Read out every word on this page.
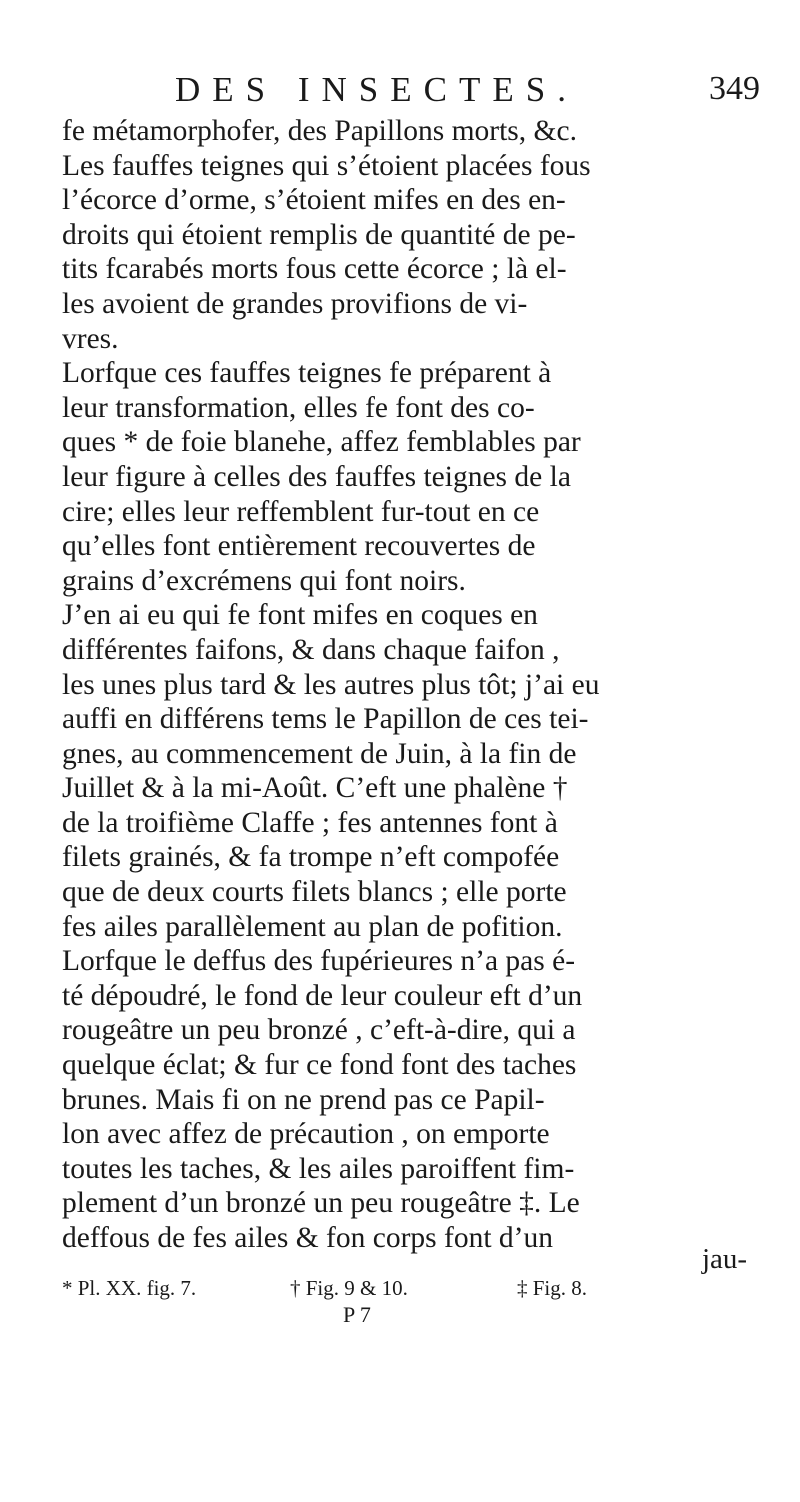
DES INSECTES.	349

fe métamorphofer, des Papillons morts, &c.
Les fauffes teignes qui s’étoient placées fous
l’écorce d’orme, s’étoient mifes en des en-
droits qui étoient remplis de quantité de pe-
tits fcarabés morts fous cette écorce ; là el-
les avoient de grandes provifions de vi-
vres.
Lorfque ces fauffes teignes fe préparent à
leur transformation, elles fe font des co-
ques * de foie blanehe, affez femblables par
leur figure à celles des fauffes teignes de la
cire; elles leur reffemblent fur-tout en ce
qu’elles font entièrement recouvertes de
grains d’excrémens qui font noirs.
J’en ai eu qui fe font mifes en coques en
différentes faifons, & dans chaque faifon ,
les unes plus tard & les autres plus tôt; j’ai eu
auffi en différens tems le Papillon de ces tei-
gnes, au commencement de Juin, à la fin de
Juillet & à la mi-Août. C’eft une phalène †
de la troifième Claffe ; fes antennes font à
filets grainés, & fa trompe n’eft compofée
que de deux courts filets blancs ; elle porte
fes ailes parallèlement au plan de pofition.
Lorfque le deffus des fupérieures n’a pas é-
té dépoudré, le fond de leur couleur eft d’un
rougeâtre un peu bronzé , c’eft-à-dire, qui a
quelque éclat; & fur ce fond font des taches
brunes. Mais fi on ne prend pas ce Papil-
lon avec affez de précaution , on emporte
toutes les taches, & les ailes paroiffent fim-
plement d’un bronzé un peu rougeâtre ‡. Le
deffous de fes ailes & fon corps font d’un

jau-
* Pl. XX. fig. 7.	† Fig. 9 & 10.	‡ Fig. 8.
P 7
